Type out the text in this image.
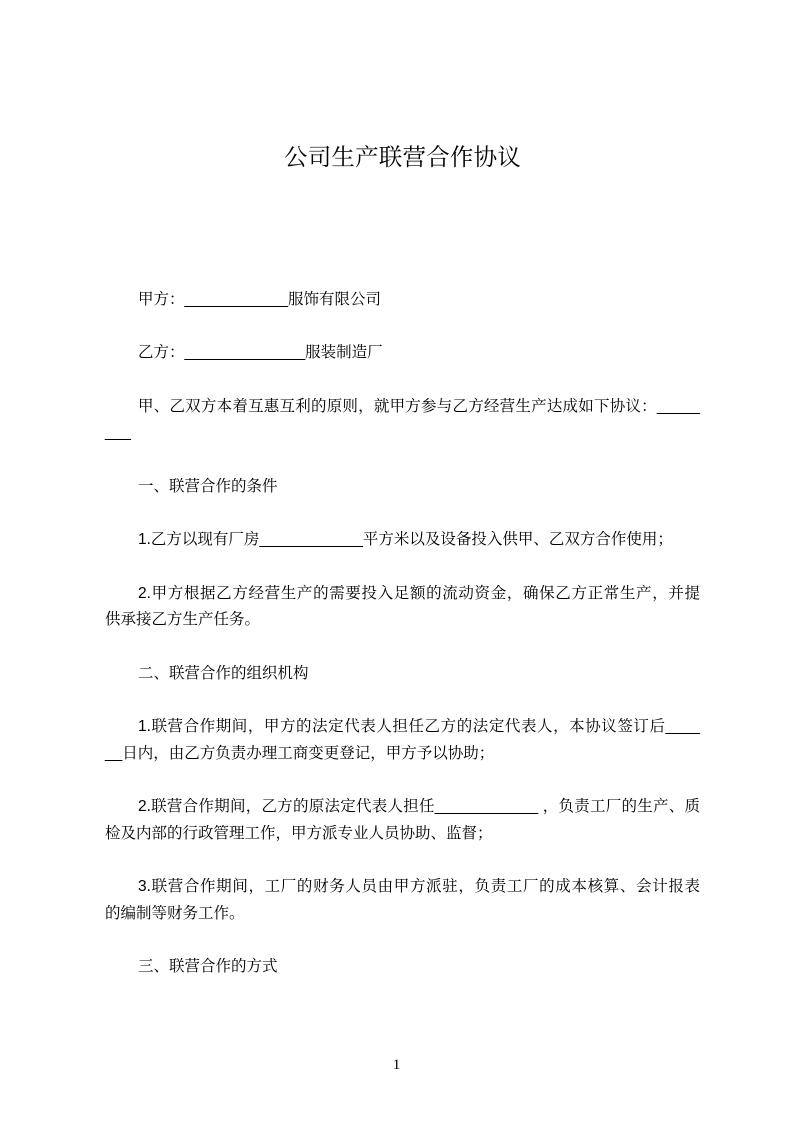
公司生产联营合作协议
甲方：____________服饰有限公司
乙方：______________服装制造厂
甲、乙双方本着互惠互利的原则，就甲方参与乙方经营生产达成如下协议：_____
___
一、联营合作的条件
1.乙方以现有厂房____________平方米以及设备投入供甲、乙双方合作使用；
2.甲方根据乙方经营生产的需要投入足额的流动资金，确保乙方正常生产，并提
供承接乙方生产任务。
二、联营合作的组织机构
1.联营合作期间，甲方的法定代表人担任乙方的法定代表人，本协议签订后____
__日内，由乙方负责办理工商变更登记，甲方予以协助；
2.联营合作期间，乙方的原法定代表人担任____________ ，负责工厂的生产、质
检及内部的行政管理工作，甲方派专业人员协助、监督；
3.联营合作期间，工厂的财务人员由甲方派驻，负责工厂的成本核算、会计报表
的编制等财务工作。
三、联营合作的方式
1
